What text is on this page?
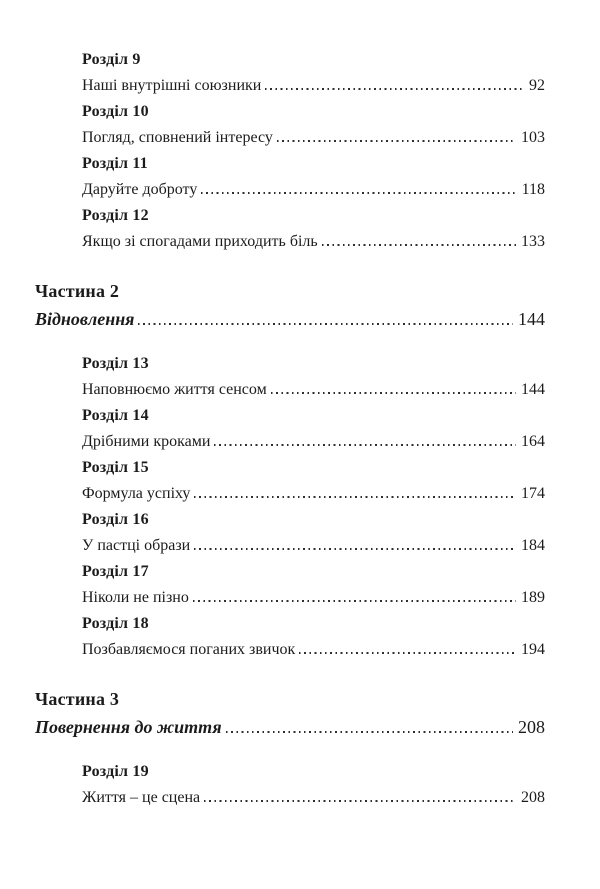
Розділ 9
Наші внутрішні союзники	92
Розділ 10
Погляд, сповнений інтересу	103
Розділ 11
Даруйте доброту	118
Розділ 12
Якщо зі спогадами приходить біль	133
Частина 2
Відновлення	144
Розділ 13
Наповнюємо життя сенсом	144
Розділ 14
Дрібними кроками	164
Розділ 15
Формула успіху	174
Розділ 16
У пастці образи	184
Розділ 17
Ніколи не пізно	189
Розділ 18
Позбавляємося поганих звичок	194
Частина 3
Повернення до життя	208
Розділ 19
Життя – це сцена	208
